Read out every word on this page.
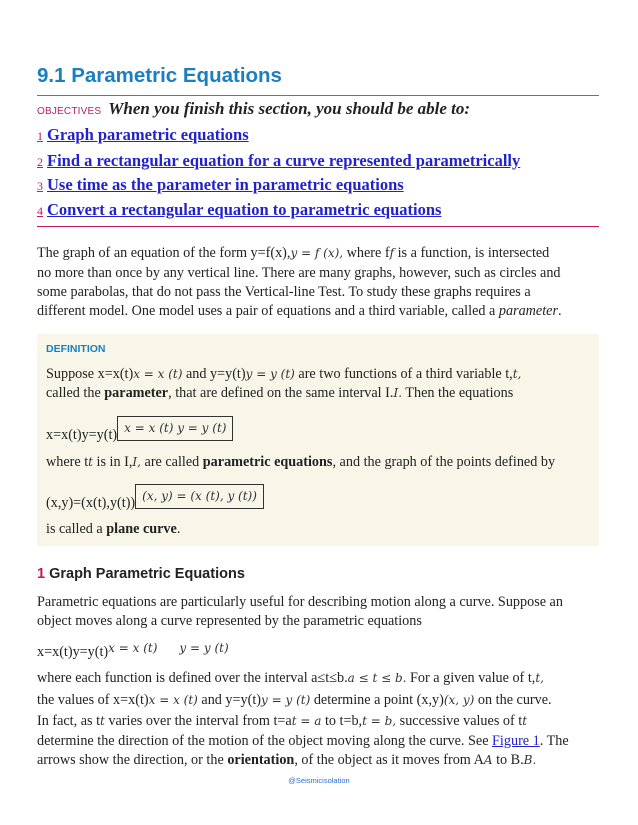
9.1 Parametric Equations
OBJECTIVES When you finish this section, you should be able to:
1 Graph parametric equations
2 Find a rectangular equation for a curve represented parametrically
3 Use time as the parameter in parametric equations
4 Convert a rectangular equation to parametric equations
The graph of an equation of the form y=f(x),y = f (x), where ff is a function, is intersected
no more than once by any vertical line. There are many graphs, however, such as circles and
some parabolas, that do not pass the Vertical-line Test. To study these graphs requires a
different model. One model uses a pair of equations and a third variable, called a parameter.
DEFINITION
Suppose x=x(t)x = x (t) and y=y(t)y = y (t) are two functions of a third variable t,t,
called the parameter, that are defined on the same interval I.I. Then the equations
x=x(t)y=y(t) x = x (t) y = y (t)
where tt is in I,I, are called parametric equations, and the graph of the points defined by
(x,y)=(x(t),y(t)) (x, y) = (x (t), y (t))
is called a plane curve.
1 Graph Parametric Equations
Parametric equations are particularly useful for describing motion along a curve. Suppose an
object moves along a curve represented by the parametric equations
x=x(t)y=y(t)x = x (t) y = y (t)
where each function is defined over the interval a≤t≤b.a ≤ t ≤ b. For a given value of t,t,
the values of x=x(t)x = x (t) and y=y(t)y = y (t) determine a point (x,y)(x, y) on the curve.
In fact, as tt varies over the interval from t=at = a to t=b,t = b, successive values of tt
determine the direction of the motion of the object moving along the curve. See Figure 1. The
arrows show the direction, or the orientation, of the object as it moves from AA to B.B.
@Seismicisolation
